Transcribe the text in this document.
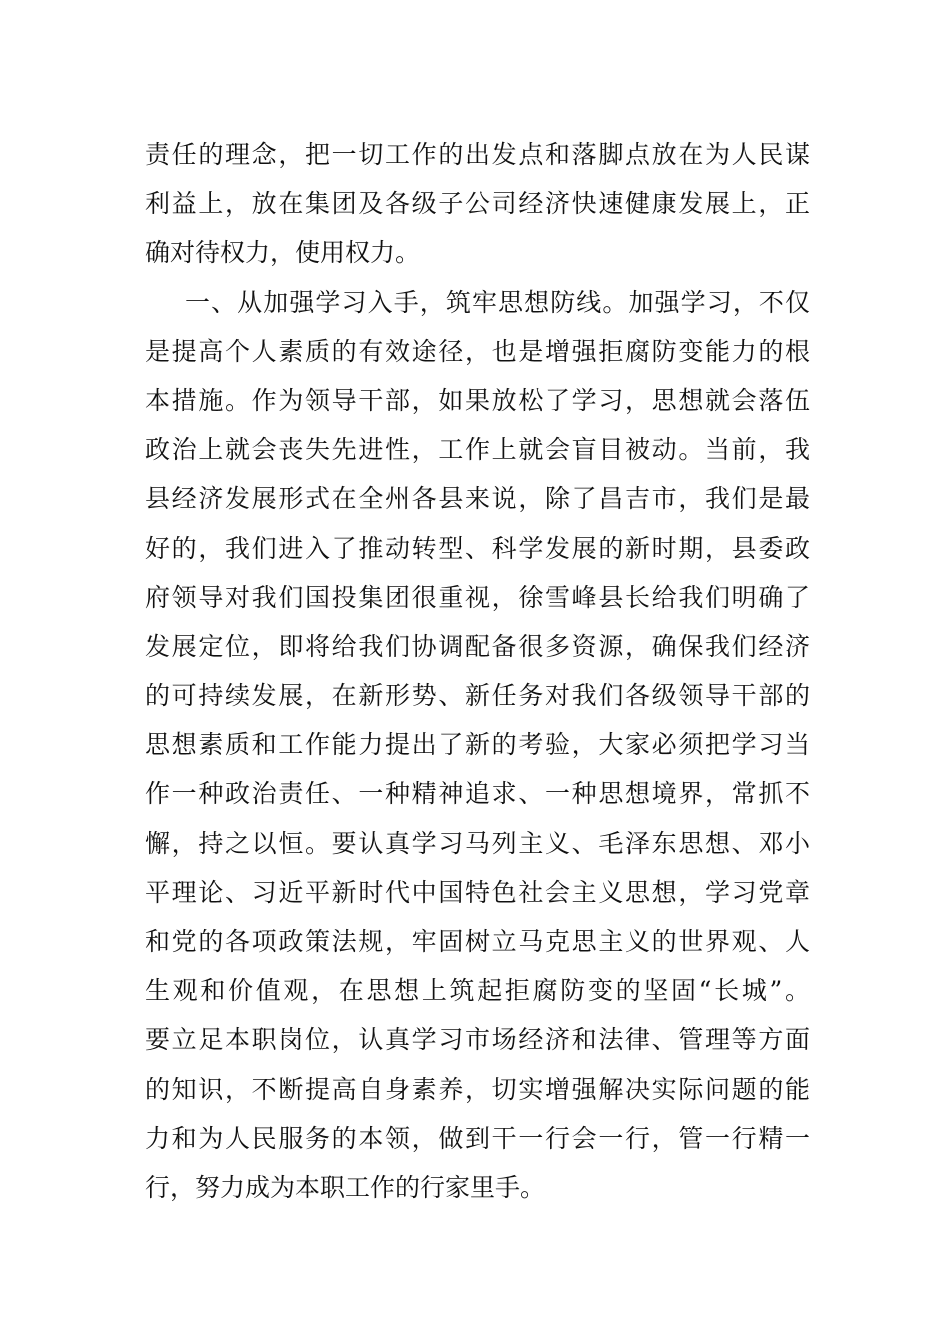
责任的理念，把一切工作的出发点和落脚点放在为人民谋
利益上，放在集团及各级子公司经济快速健康发展上，正
确对待权力，使用权力。
一、从加强学习入手，筑牢思想防线。加强学习，不仅
是提高个人素质的有效途径，也是增强拒腐防变能力的根
本措施。作为领导干部，如果放松了学习，思想就会落伍
政治上就会丧失先进性，工作上就会盲目被动。当前，我
县经济发展形式在全州各县来说，除了昌吉市，我们是最
好的，我们进入了推动转型、科学发展的新时期，县委政
府领导对我们国投集团很重视，徐雪峰县长给我们明确了
发展定位，即将给我们协调配备很多资源，确保我们经济
的可持续发展，在新形势、新任务对我们各级领导干部的
思想素质和工作能力提出了新的考验，大家必须把学习当
作一种政治责任、一种精神追求、一种思想境界，常抓不
懈，持之以恒。要认真学习马列主义、毛泽东思想、邓小
平理论、习近平新时代中国特色社会主义思想，学习党章
和党的各项政策法规，牢固树立马克思主义的世界观、人
生观和价值观，在思想上筑起拒腐防变的坚固“长城”。
要立足本职岗位，认真学习市场经济和法律、管理等方面
的知识，不断提高自身素养，切实增强解决实际问题的能
力和为人民服务的本领，做到干一行会一行，管一行精一
行，努力成为本职工作的行家里手。
